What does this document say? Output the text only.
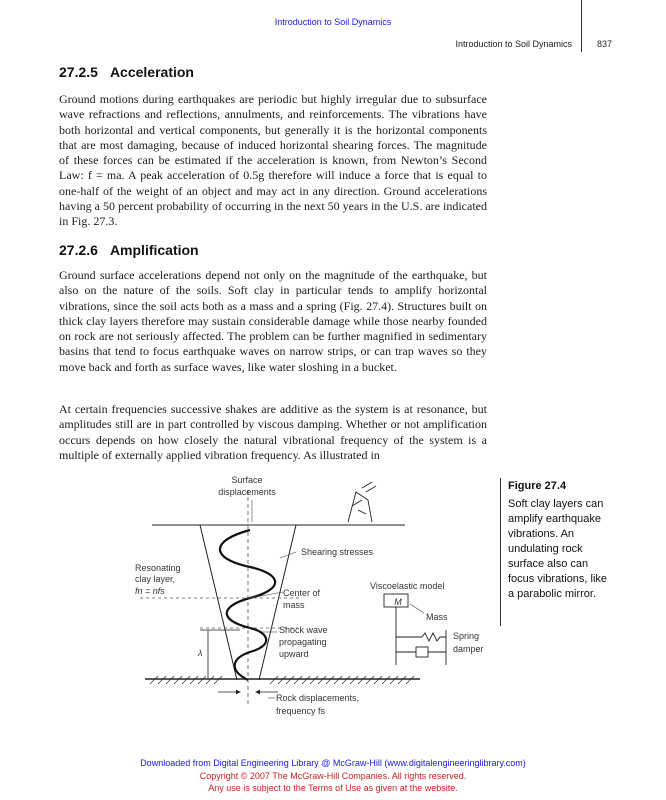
Introduction to Soil Dynamics
Introduction to Soil Dynamics	837
27.2.5 Acceleration

Ground motions during earthquakes are periodic but highly irregular due to subsurface wave refractions and reflections, annulments, and reinforcements. The vibrations have both horizontal and vertical components, but generally it is the horizontal components that are most damaging, because of induced horizontal shearing forces. The magnitude of these forces can be estimated if the acceleration is known, from Newton’s Second Law: f = ma. A peak acceleration of 0.5g therefore will induce a force that is equal to one-half of the weight of an object and may act in any direction. Ground accelerations having a 50 percent probability of occurring in the next 50 years in the U.S. are indicated in Fig. 27.3.

27.2.6 Amplification

Ground surface accelerations depend not only on the magnitude of the earthquake, but also on the nature of the soils. Soft clay in particular tends to amplify horizontal vibrations, since the soil acts both as a mass and a spring (Fig. 27.4). Structures built on thick clay layers therefore may sustain considerable damage while those nearby founded on rock are not seriously affected. The problem can be further magnified in sedimentary basins that tend to focus earthquake waves on narrow strips, or can trap waves so they move back and forth as surface waves, like water sloshing in a bucket.

At certain frequencies successive shakes are additive as the system is at resonance, but amplitudes still are in part controlled by viscous damping. Whether or not amplification occurs depends on how closely the natural vibrational frequency of the system is a multiple of externally applied vibration frequency. As illustrated in

Figure 27.4
Soft clay layers can amplify earthquake vibrations. An undulating rock surface also can focus vibrations, like a parabolic mirror.
M
Surface
displacements
Shearing stresses
Resonating
clay layer,
fn = nfs	Center of
mass
Viscoelastic model
Mass
Spring
damper
Shock wave
propagating
upward
λ
Rock displacements,
frequency fs
Downloaded from Digital Engineering Library @ McGraw-Hill (www.digitalengineeringlibrary.com)
Copyright © 2007 The McGraw-Hill Companies. All rights reserved.
Any use is subject to the Terms of Use as given at the website.
